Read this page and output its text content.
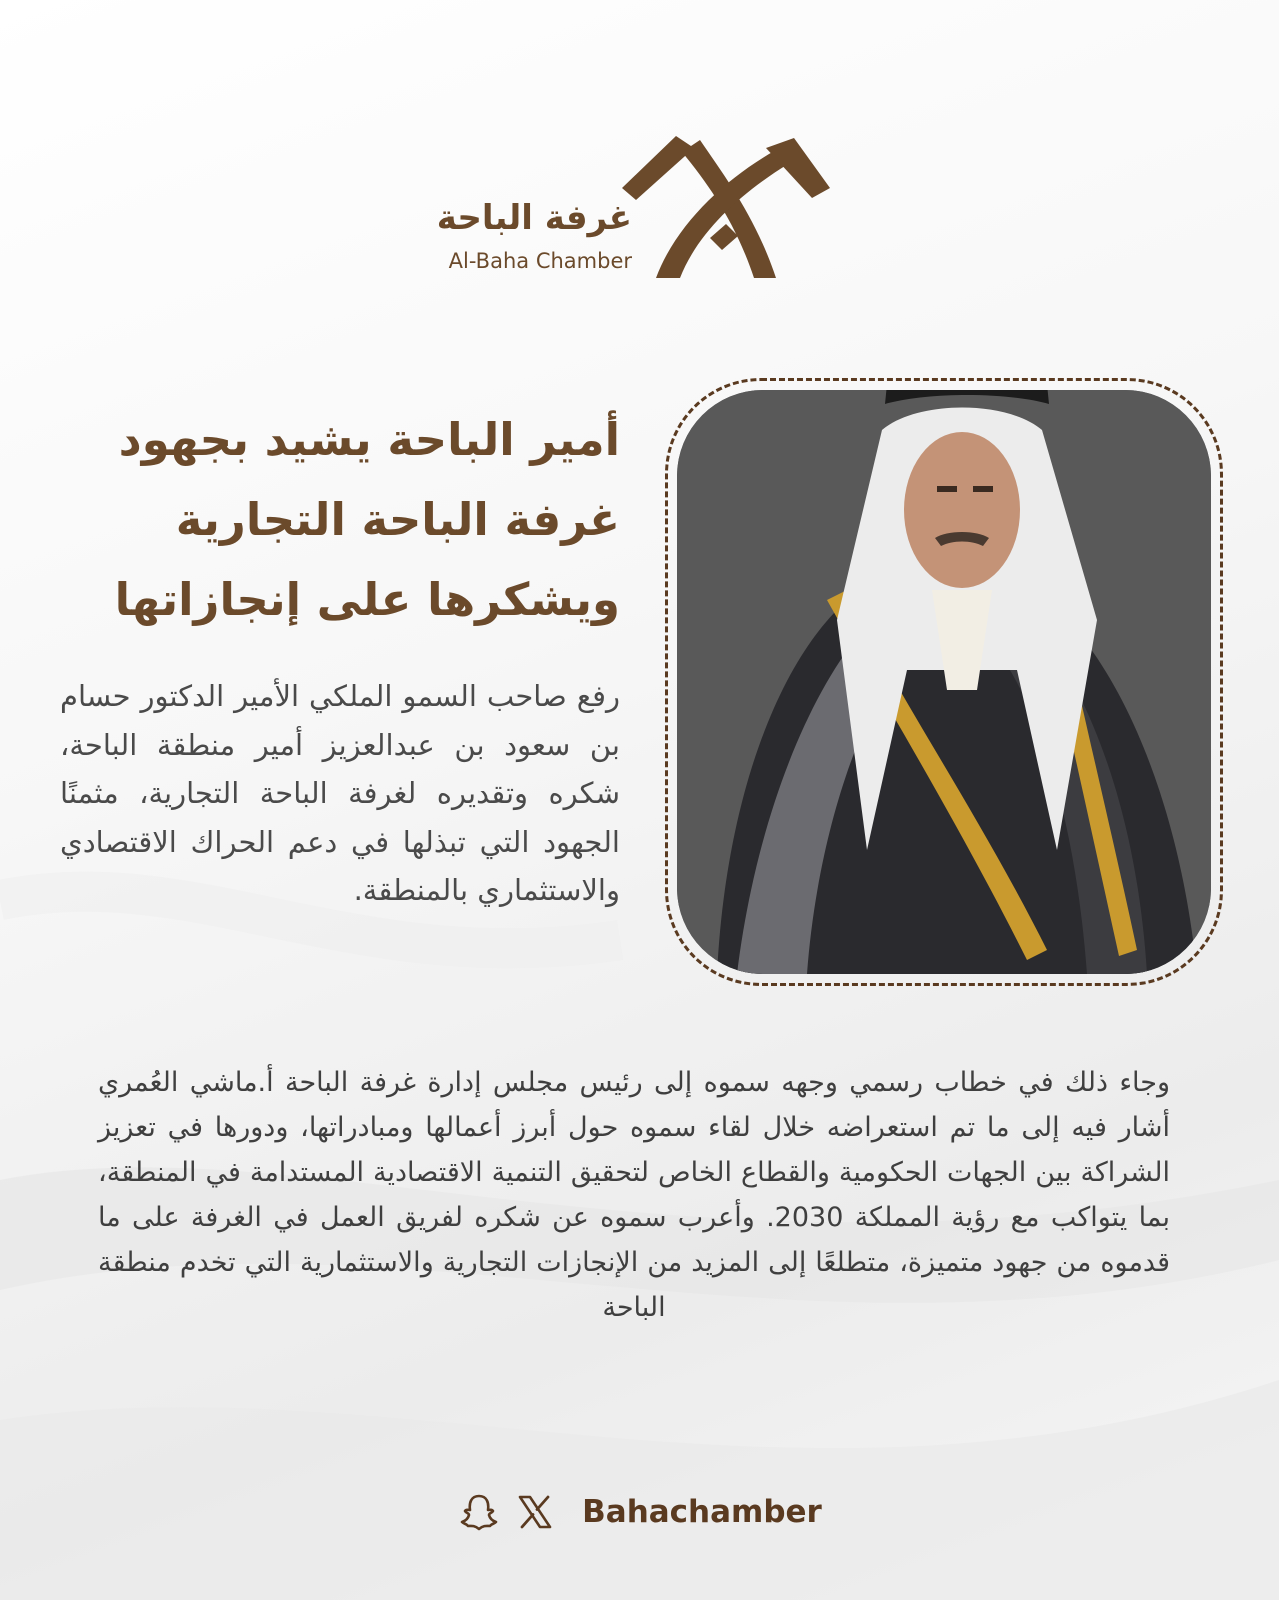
غرفة الباحة
Al-Baha Chamber
أمير الباحة يشيد بجهود
غرفة الباحة التجارية
ويشكرها على إنجازاتها

رفع صاحب السمو الملكي الأمير الدكتور حسام بن سعود بن عبدالعزيز أمير منطقة الباحة، شكره وتقديره لغرفة الباحة التجارية، مثمنًا الجهود التي تبذلها في دعم الحراك الاقتصادي والاستثماري بالمنطقة.

وجاء ذلك في خطاب رسمي وجهه سموه إلى رئيس مجلس إدارة غرفة الباحة أ.ماشي العُمري أشار فيه إلى ما تم استعراضه خلال لقاء سموه حول أبرز أعمالها ومبادراتها، ودورها في تعزيز الشراكة بين الجهات الحكومية والقطاع الخاص لتحقيق التنمية الاقتصادية المستدامة في المنطقة، بما يتواكب مع رؤية المملكة 2030. وأعرب سموه عن شكره لفريق العمل في الغرفة على ما قدموه من جهود متميزة، متطلعًا إلى المزيد من الإنجازات التجارية والاستثمارية التي تخدم منطقة الباحة

Bahachamber
